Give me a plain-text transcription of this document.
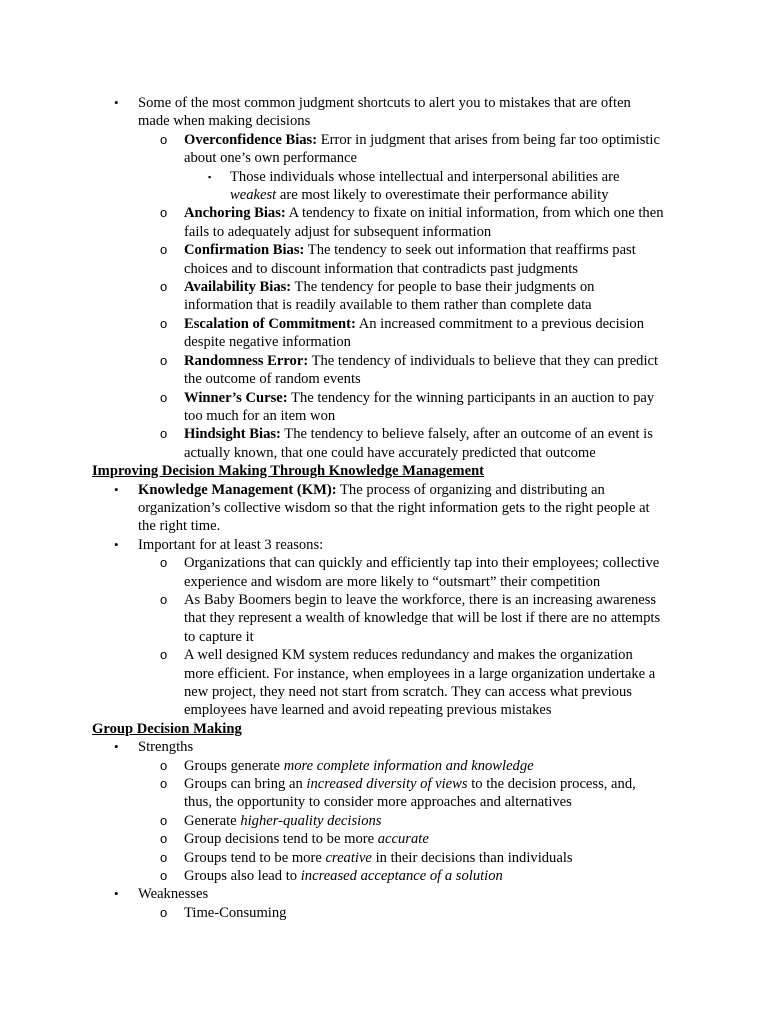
• Some of the most common judgment shortcuts to alert you to mistakes that are often

made when making decisions

o Overconfidence Bias: Error in judgment that arises from being far too optimistic

about one’s own performance

▪ Those individuals whose intellectual and interpersonal abilities are

weakest are most likely to overestimate their performance ability

o Anchoring Bias: A tendency to fixate on initial information, from which one then

fails to adequately adjust for subsequent information

o Confirmation Bias: The tendency to seek out information that reaffirms past

choices and to discount information that contradicts past judgments

o Availability Bias: The tendency for people to base their judgments on

information that is readily available to them rather than complete data

o Escalation of Commitment: An increased commitment to a previous decision

despite negative information

o Randomness Error: The tendency of individuals to believe that they can predict

the outcome of random events

o Winner’s Curse: The tendency for the winning participants in an auction to pay

too much for an item won

o Hindsight Bias: The tendency to believe falsely, after an outcome of an event is

actually known, that one could have accurately predicted that outcome

Improving Decision Making Through Knowledge Management

• Knowledge Management (KM): The process of organizing and distributing an

organization’s collective wisdom so that the right information gets to the right people at

the right time.

• Important for at least 3 reasons:

o Organizations that can quickly and efficiently tap into their employees; collective

experience and wisdom are more likely to “outsmart” their competition

o As Baby Boomers begin to leave the workforce, there is an increasing awareness

that they represent a wealth of knowledge that will be lost if there are no attempts

to capture it

o A well designed KM system reduces redundancy and makes the organization

more efficient. For instance, when employees in a large organization undertake a

new project, they need not start from scratch. They can access what previous

employees have learned and avoid repeating previous mistakes

Group Decision Making

• Strengths

o Groups generate more complete information and knowledge

o Groups can bring an increased diversity of views to the decision process, and,

thus, the opportunity to consider more approaches and alternatives

o Generate higher-quality decisions

o Group decisions tend to be more accurate

o Groups tend to be more creative in their decisions than individuals

o Groups also lead to increased acceptance of a solution

• Weaknesses

o Time-Consuming
